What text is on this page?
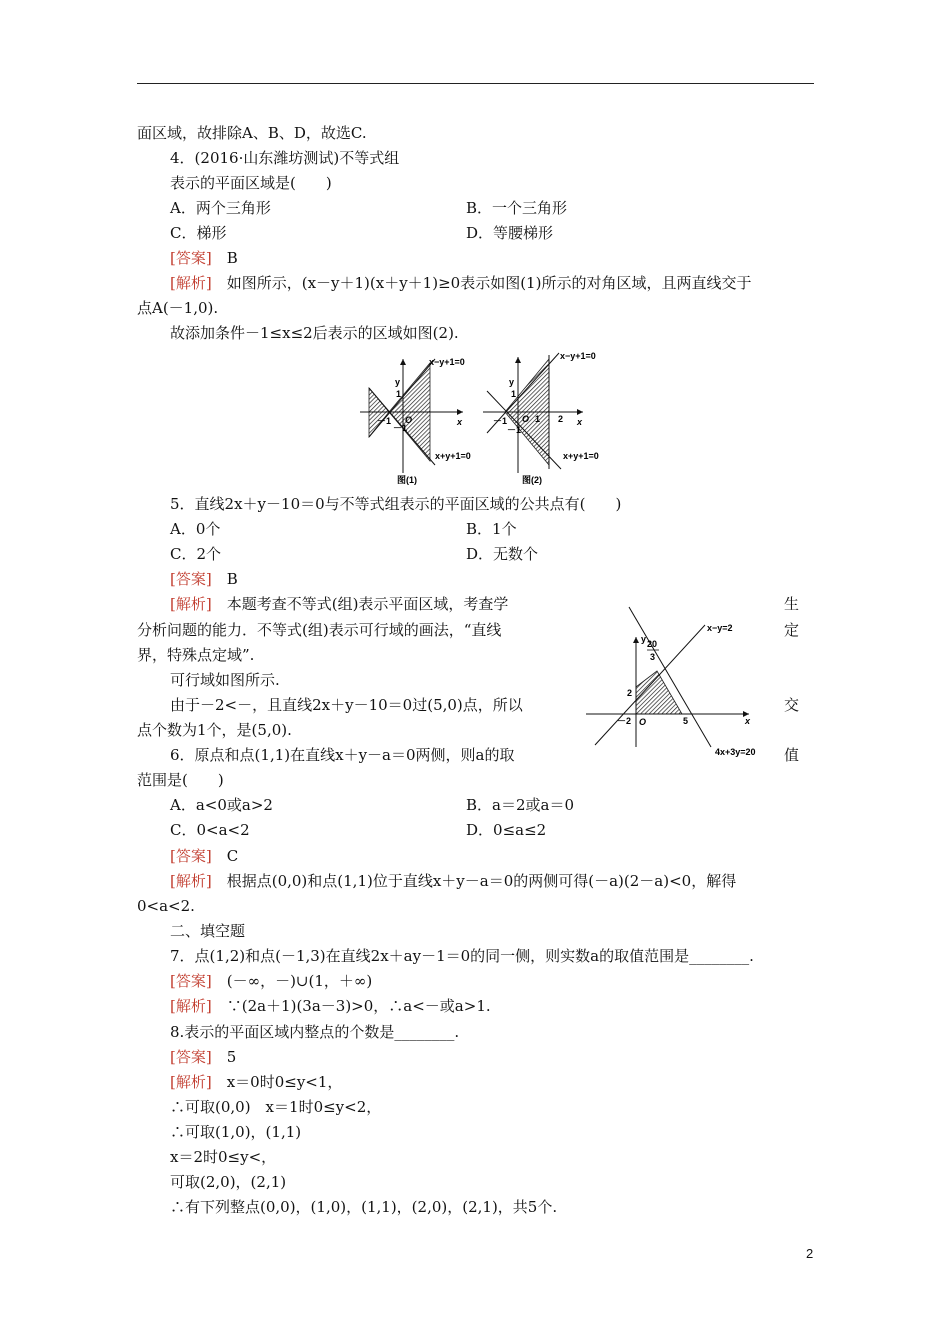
面区域，故排除A、B、D，故选C.
4．(2016·山东潍坊测试)不等式组
表示的平面区域是(　　)
A．两个三角形	B．一个三角形
C．梯形	D．等腰梯形
[答案]　B
[解析]　如图所示，(x－y＋1)(x＋y＋1)≥0表示如图(1)所示的对角区域，且两直线交于
点A(－1,0).
故添加条件－1≤x≤2后表示的区域如图(2).
y
x
O
1
－1
－1
x−y+1=0
x+y+1=0
图(1)
y
x
O 1 2
1
－1
－1
x−y+1=0
x+y+1=0
图(2)
5．直线2x＋y－10＝0与不等式组表示的平面区域的公共点有(　　)
A．0个	B．1个
C．2个	D．无数个
[答案]　B
[解析]　本题考查不等式(组)表示平面区域，考查学
分析问题的能力．不等式(组)表示可行域的画法，“直线
界，特殊点定域”.
可行域如图所示.
由于－2<－，且直线2x＋y－10＝0过(5,0)点，所以
点个数为1个，是(5,0).
6．原点和点(1,1)在直线x＋y－a＝0两侧，则a的取
范围是(　　)
生
定
交
值
y
x
O
20
3
2
－2	5
x−y=2
4x+3y=20
A．a<0或a>2	B．a＝2或a＝0
C．0<a<2	D．0≤a≤2
[答案]　C
[解析]　根据点(0,0)和点(1,1)位于直线x＋y－a＝0的两侧可得(－a)(2－a)<0，解得
0<a<2.
二、填空题
7．点(1,2)和点(－1,3)在直线2x＋ay－1＝0的同一侧，则实数a的取值范围是________.
[答案]　(－∞，－)∪(1，＋∞)
[解析]　∵(2a＋1)(3a－3)>0，∴a<－或a>1.
8.表示的平面区域内整点的个数是________.
[答案]　5
[解析]　x＝0时0≤y<1，
∴可取(0,0)　x＝1时0≤y<2，
∴可取(1,0)，(1,1)
x＝2时0≤y<，
可取(2,0)，(2,1)
∴有下列整点(0,0)，(1,0)，(1,1)，(2,0)，(2,1)，共5个.
2
